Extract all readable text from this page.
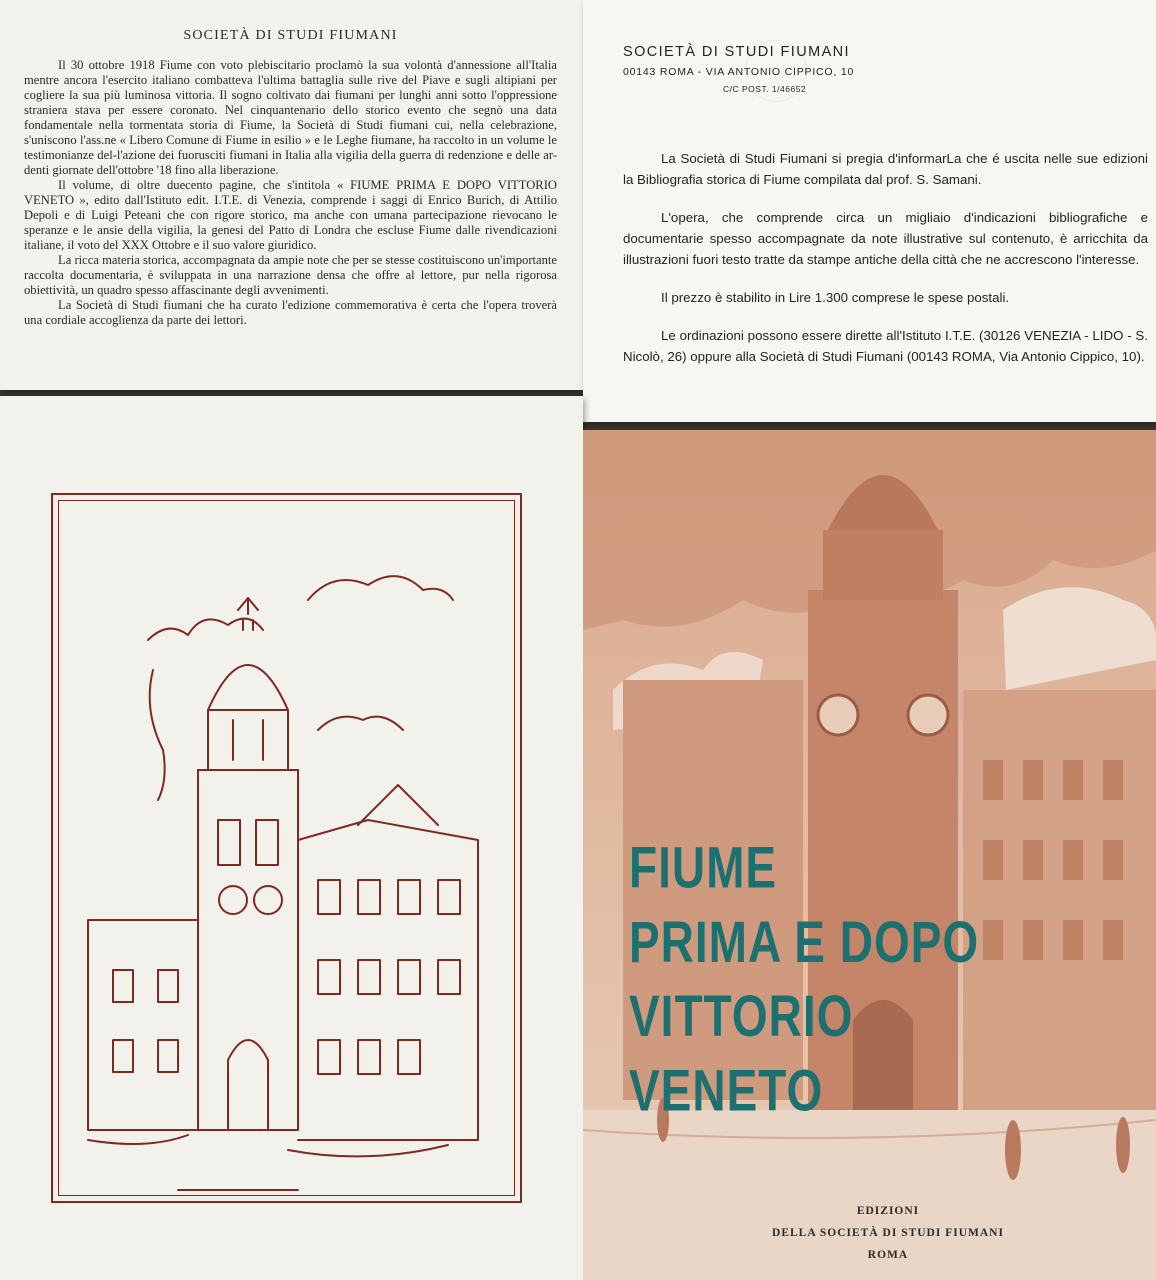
SOCIETÀ DI STUDI FIUMANI

Il 30 ottobre 1918 Fiume con voto plebiscitario proclamò la sua volontà d'annessione all'Italia mentre ancora l'esercito italiano combatteva l'ultima battaglia sulle rive del Piave e sugli altipiani per cogliere la sua più luminosa vittoria. Il sogno coltivato dai fiumani per lunghi anni sotto l'oppressione straniera stava per essere coronato. Nel cinquantenario dello storico evento che segnò una data fondamentale nella tormentata storia di Fiume, la Società di Studi fiumani cui, nella celebrazione, s'uniscono l'ass.ne « Libero Comune di Fiume in esilio » e le Leghe fiumane, ha raccolto in un volume le testimonianze del-l'azione dei fuorusciti fiumani in Italia alla vigilia della guerra di redenzione e delle ar-denti giornate dell'ottobre '18 fino alla liberazione.

Il volume, di oltre duecento pagine, che s'intitola « FIUME PRIMA E DOPO VITTORIO VENETO », edito dall'Istituto edit. I.T.E. di Venezia, comprende i saggi di Enrico Burich, di Attilio Depoli e di Luigi Peteani che con rigore storico, ma anche con umana partecipazione rievocano le speranze e le ansie della vigilia, la genesi del Patto di Londra che escluse Fiume dalle rivendicazioni italiane, il voto del XXX Ottobre e il suo valore giuridico.

La ricca materia storica, accompagnata da ampie note che per se stesse costituiscono un'importante raccolta documentaria, è sviluppata in una narrazione densa che offre al lettore, pur nella rigorosa obiettività, un quadro spesso affascinante degli avvenimenti.

La Società di Studi fiumani che ha curato l'edizione commemorativa è certa che l'opera troverà una cordiale accoglienza da parte dei lettori.

SOCIETÀ DI STUDI FIUMANI
00143 ROMA - VIA ANTONIO CIPPICO, 10
C/C POST. 1/46652

La Società di Studi Fiumani si pregia d'informarLa che é uscita nelle sue edizioni la Bibliografia storica di Fiume compilata dal prof. S. Samani.

L'opera, che comprende circa un migliaio d'indicazioni bibliografiche e documentarie spesso accompagnate da note illustrative sul contenuto, è arricchita da illustrazioni fuori testo tratte da stampe antiche della città che ne accrescono l'interesse.

Il prezzo è stabilito in Lire 1.300 comprese le spese postali.

Le ordinazioni possono essere dirette all'Istituto I.T.E. (30126 VENEZIA - LIDO - S. Nicolò, 26) oppure alla Società di Studi Fiumani (00143 ROMA, Via Antonio Cippico, 10).

FIUME
PRIMA E DOPO
VITTORIO
VENETO
EDIZIONI
DELLA SOCIETÀ DI STUDI FIUMANI
ROMA
